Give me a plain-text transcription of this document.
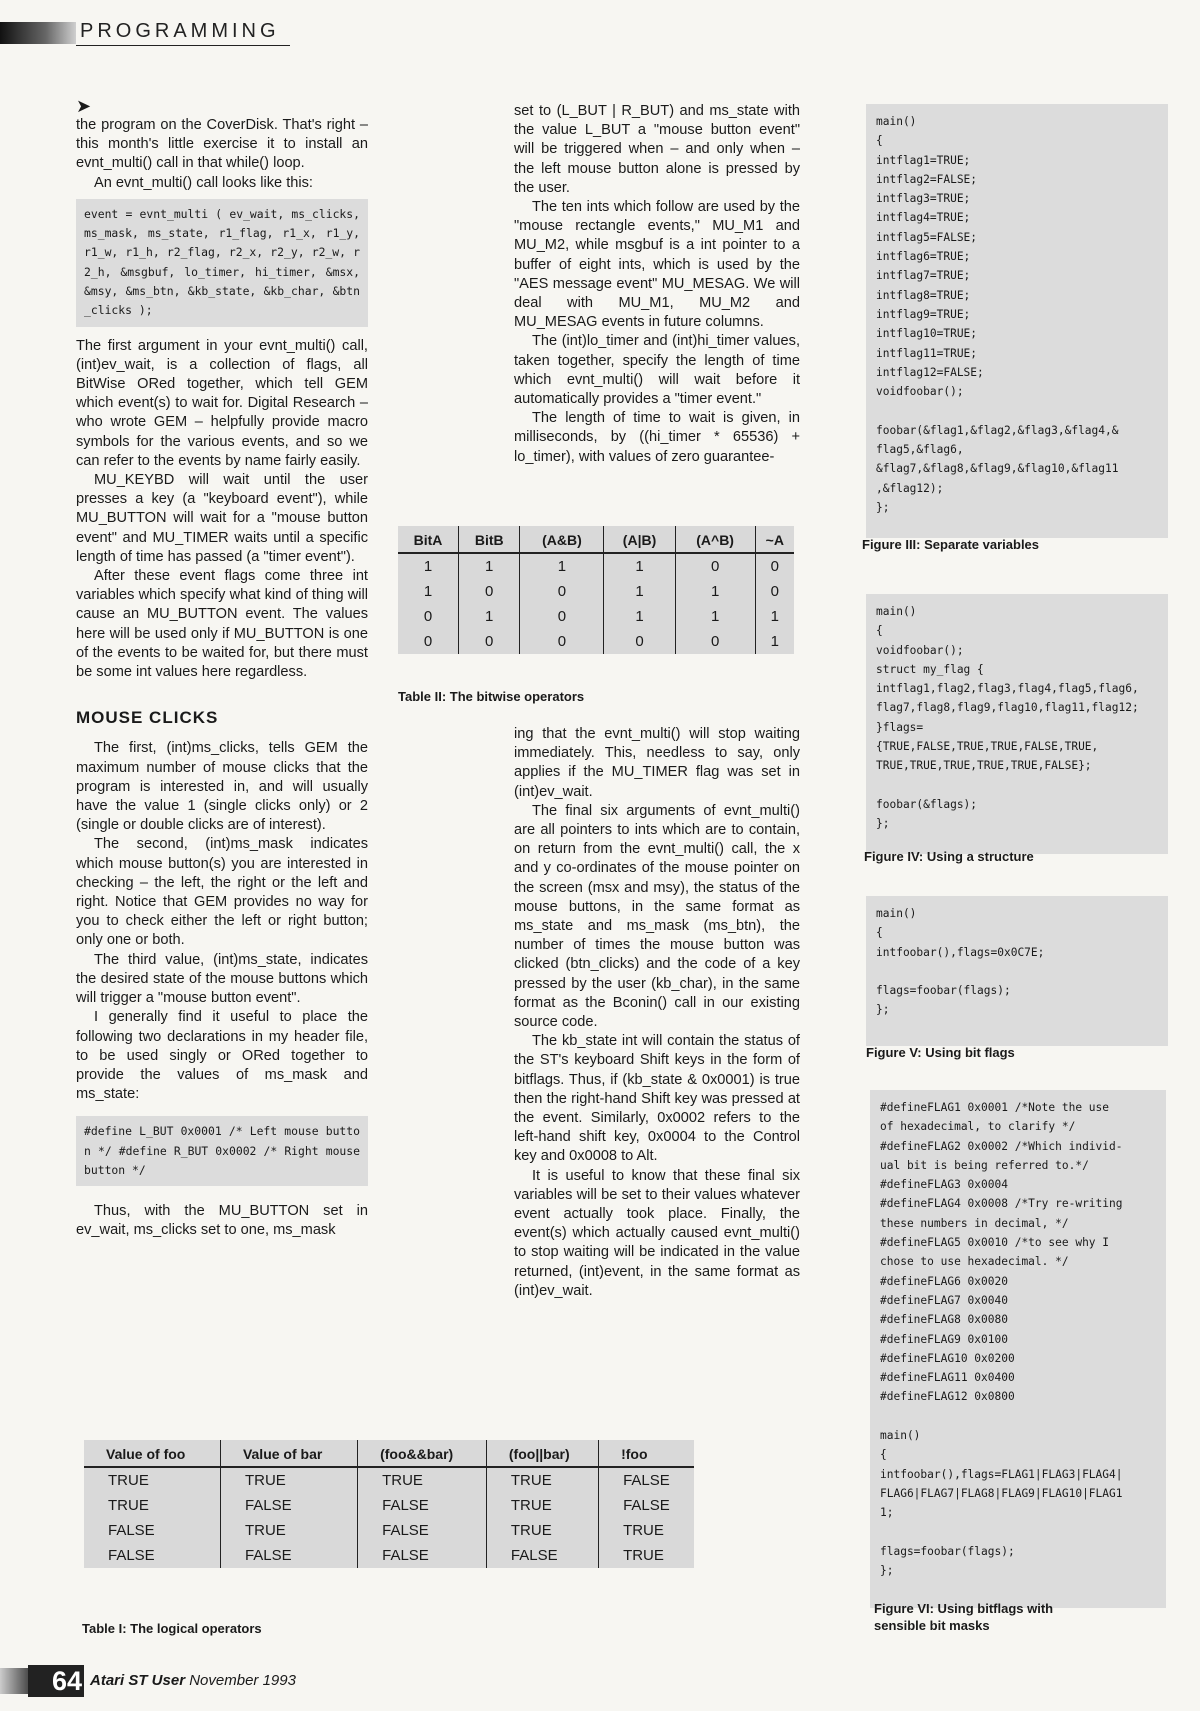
PROGRAMMING
➤

the program on the CoverDisk. That's right – this month's little exercise it to install an evnt_multi() call in that while() loop.

An evnt_multi() call looks like this:

event = evnt_multi ( ev_wait, ms_clicks, ms_mask, ms_state, r1_flag, r1_x, r1_y, r1_w, r1_h, r2_flag, r2_x, r2_y, r2_w, r2_h, &msgbuf, lo_timer, hi_timer, &msx, &msy, &ms_btn, &kb_state, &kb_char, &btn_clicks );

The first argument in your evnt_multi() call, (int)ev_wait, is a collection of flags, all BitWise ORed together, which tell GEM which event(s) to wait for. Digital Research – who wrote GEM – helpfully provide macro symbols for the various events, and so we can refer to the events by name fairly easily.

MU_KEYBD will wait until the user presses a key (a "keyboard event"), while MU_BUTTON will wait for a "mouse button event" and MU_TIMER waits until a specific length of time has passed (a "timer event").

After these event flags come three int variables which specify what kind of thing will cause an MU_BUTTON event. The values here will be used only if MU_BUTTON is one of the events to be waited for, but there must be some int values here regardless.

MOUSE CLICKS

The first, (int)ms_clicks, tells GEM the maximum number of mouse clicks that the program is interested in, and will usually have the value 1 (single clicks only) or 2 (single or double clicks are of interest).

The second, (int)ms_mask indicates which mouse button(s) you are interested in checking – the left, the right or the left and right. Notice that GEM provides no way for you to check either the left or right button; only one or both.

The third value, (int)ms_state, indicates the desired state of the mouse buttons which will trigger a "mouse button event".

I generally find it useful to place the following two declarations in my header file, to be used singly or ORed together to provide the values of ms_mask and ms_state:

#define L_BUT 0x0001 /* Left mouse button */ #define R_BUT 0x0002 /* Right mouse button */

Thus, with the MU_BUTTON set in ev_wait, ms_clicks set to one, ms_mask

set to (L_BUT | R_BUT) and ms_state with the value L_BUT a "mouse button event" will be triggered when – and only when – the left mouse button alone is pressed by the user.

The ten ints which follow are used by the "mouse rectangle events," MU_M1 and MU_M2, while msgbuf is a int pointer to a buffer of eight ints, which is used by the "AES message event" MU_MESAG. We will deal with MU_M1, MU_M2 and MU_MESAG events in future columns.

The (int)lo_timer and (int)hi_timer values, taken together, specify the length of time which evnt_multi() will wait before it automatically provides a "timer event."

The length of time to wait is given, in milliseconds, by ((hi_timer * 65536) + lo_timer), with values of zero guarantee-

BitA	BitB	(A&B)	(A|B)	(A^B)	~A
1	1	1	1	0	0
1	0	0	1	1	0
0	1	0	1	1	1
0	0	0	0	0	1
Table II: The bitwise operators

ing that the evnt_multi() will stop waiting immediately. This, needless to say, only applies if the MU_TIMER flag was set in (int)ev_wait.

The final six arguments of evnt_multi() are all pointers to ints which are to contain, on return from the evnt_multi() call, the x and y co-ordinates of the mouse pointer on the screen (msx and msy), the status of the mouse buttons, in the same format as ms_state and ms_mask (ms_btn), the number of times the mouse button was clicked (btn_clicks) and the code of a key pressed by the user (kb_char), in the same format as the Bconin() call in our existing source code.

The kb_state int will contain the status of the ST's keyboard Shift keys in the form of bitflags. Thus, if (kb_state & 0x0001) is true then the right-hand Shift key was pressed at the event. Similarly, 0x0002 refers to the left-hand shift key, 0x0004 to the Control key and 0x0008 to Alt.

It is useful to know that these final six variables will be set to their values whatever event actually took place. Finally, the event(s) which actually caused evnt_multi() to stop waiting will be indicated in the value returned, (int)event, in the same format as (int)ev_wait.

Value of foo	Value of bar	(foo&&bar)	(foo||bar)	!foo
TRUE	TRUE	TRUE	TRUE	FALSE
TRUE	FALSE	FALSE	TRUE	FALSE
FALSE	TRUE	FALSE	TRUE	TRUE
FALSE	FALSE	FALSE	FALSE	TRUE
Table I: The logical operators
main()
{
intflag1=TRUE;
intflag2=FALSE;
intflag3=TRUE;
intflag4=TRUE;
intflag5=FALSE;
intflag6=TRUE;
intflag7=TRUE;
intflag8=TRUE;
intflag9=TRUE;
intflag10=TRUE;
intflag11=TRUE;
intflag12=FALSE;
voidfoobar();

foobar(&flag1,&flag2,&flag3,&flag4,&
flag5,&flag6,
&flag7,&flag8,&flag9,&flag10,&flag11
,&flag12);
};
Figure III: Separate variables
main()
{
voidfoobar();
struct my_flag {
intflag1,flag2,flag3,flag4,flag5,flag6,
flag7,flag8,flag9,flag10,flag11,flag12;
}flags=
{TRUE,FALSE,TRUE,TRUE,FALSE,TRUE,
TRUE,TRUE,TRUE,TRUE,TRUE,FALSE};

foobar(&flags);
};
Figure IV: Using a structure
main()
{
intfoobar(),flags=0x0C7E;

flags=foobar(flags);
};
Figure V: Using bit flags
#defineFLAG1 0x0001 /*Note the use
of hexadecimal, to clarify */
#defineFLAG2 0x0002 /*Which individ-
ual bit is being referred to.*/
#defineFLAG3 0x0004
#defineFLAG4 0x0008 /*Try re-writing
these numbers in decimal, */
#defineFLAG5 0x0010 /*to see why I
chose to use hexadecimal. */
#defineFLAG6 0x0020
#defineFLAG7 0x0040
#defineFLAG8 0x0080
#defineFLAG9 0x0100
#defineFLAG10 0x0200
#defineFLAG11 0x0400
#defineFLAG12 0x0800

main()
{
intfoobar(),flags=FLAG1|FLAG3|FLAG4|
FLAG6|FLAG7|FLAG8|FLAG9|FLAG10|FLAG1
1;

flags=foobar(flags);
};
Figure VI: Using bitflags with sensible bit masks
64 Atari ST User November 1993
